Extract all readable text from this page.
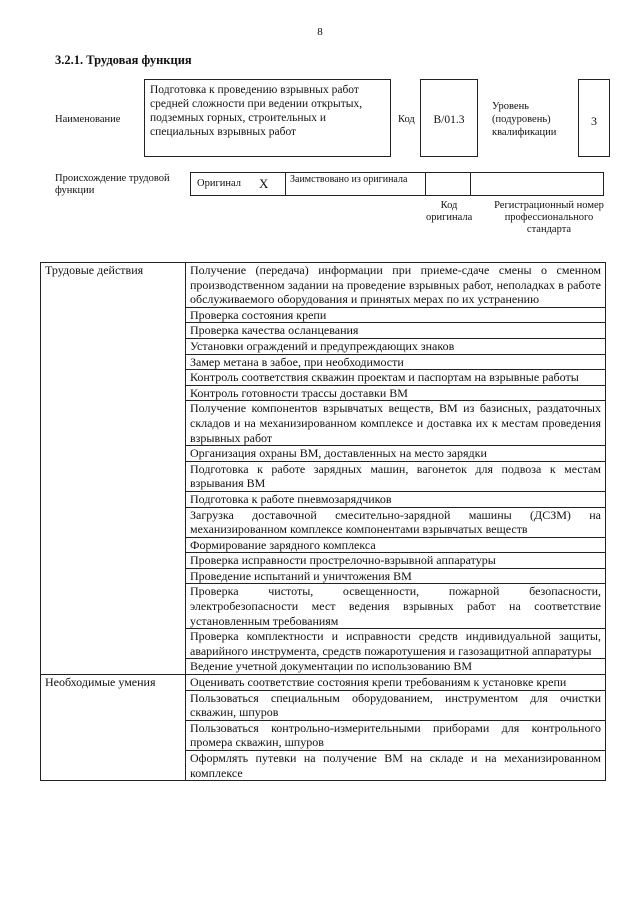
8
3.2.1. Трудовая функция
Наименование
Подготовка к проведению взрывных работ средней сложности при ведении открытых, подземных горных, строительных и специальных взрывных работ
Код	В/01.3
Уровень (подуровень) квалификации
3
Происхождение трудовой функции
Оригинал X Заимствовано из оригинала
Код оригинала
Регистрационный номер профессионального стандарта
Трудовые действия	Получение (передача) информации при приеме-сдаче смены о сменном производственном задании на проведение взрывных работ, неполадках в работе обслуживаемого оборудования и принятых мерах по их устранению
	Проверка состояния крепи
	Проверка качества осланцевания
	Установки ограждений и предупреждающих знаков
	Замер метана в забое, при необходимости
	Контроль соответствия скважин проектам и паспортам на взрывные работы
	Контроль готовности трассы доставки ВМ
	Получение компонентов взрывчатых веществ, ВМ из базисных, раздаточных складов и на механизированном комплексе и доставка их к местам проведения взрывных работ
	Организация охраны ВМ, доставленных на место зарядки
	Подготовка к работе зарядных машин, вагонеток для подвоза к местам взрывания ВМ
	Подготовка к работе пневмозарядчиков
	Загрузка доставочной смесительно-зарядной машины (ДСЗМ) на механизированном комплексе компонентами взрывчатых веществ
	Формирование зарядного комплекса
	Проверка исправности прострелочно-взрывной аппаратуры
	Проведение испытаний и уничтожения ВМ
	Проверка чистоты, освещенности, пожарной безопасности, электробезопасности мест ведения взрывных работ на соответствие установленным требованиям
	Проверка комплектности и исправности средств индивидуальной защиты, аварийного инструмента, средств пожаротушения и газозащитной аппаратуры
	Ведение учетной документации по использованию ВМ
Необходимые умения	Оценивать соответствие состояния крепи требованиям к установке крепи
	Пользоваться специальным оборудованием, инструментом для очистки скважин, шпуров
	Пользоваться контрольно-измерительными приборами для контрольного промера скважин, шпуров
	Оформлять путевки на получение ВМ на складе и на механизированном комплексе
